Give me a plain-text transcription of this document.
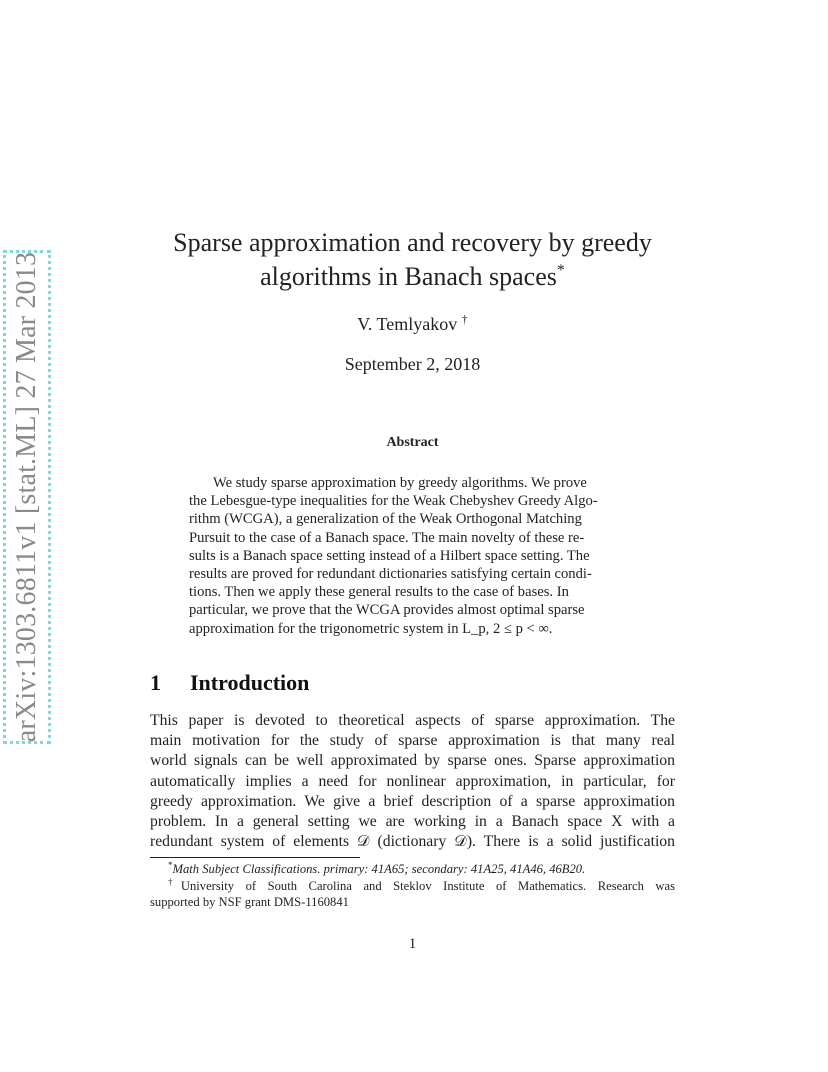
arXiv:1303.6811v1 [stat.ML] 27 Mar 2013
Sparse approximation and recovery by greedy
algorithms in Banach spaces*
V. Temlyakov †
September 2, 2018
Abstract
We study sparse approximation by greedy algorithms. We prove
the Lebesgue-type inequalities for the Weak Chebyshev Greedy Algo-
rithm (WCGA), a generalization of the Weak Orthogonal Matching
Pursuit to the case of a Banach space. The main novelty of these re-
sults is a Banach space setting instead of a Hilbert space setting. The
results are proved for redundant dictionaries satisfying certain condi-
tions. Then we apply these general results to the case of bases. In
particular, we prove that the WCGA provides almost optimal sparse
approximation for the trigonometric system in L_p, 2 ≤ p < ∞.
1 Introduction
This paper is devoted to theoretical aspects of sparse approximation. The
main motivation for the study of sparse approximation is that many real
world signals can be well approximated by sparse ones. Sparse approximation
automatically implies a need for nonlinear approximation, in particular, for
greedy approximation. We give a brief description of a sparse approximation
problem. In a general setting we are working in a Banach space X with a
redundant system of elements 𝒟 (dictionary 𝒟). There is a solid justification
*Math Subject Classifications. primary: 41A65; secondary: 41A25, 41A46, 46B20.
†University of South Carolina and Steklov Institute of Mathematics. Research was
supported by NSF grant DMS-1160841
1
